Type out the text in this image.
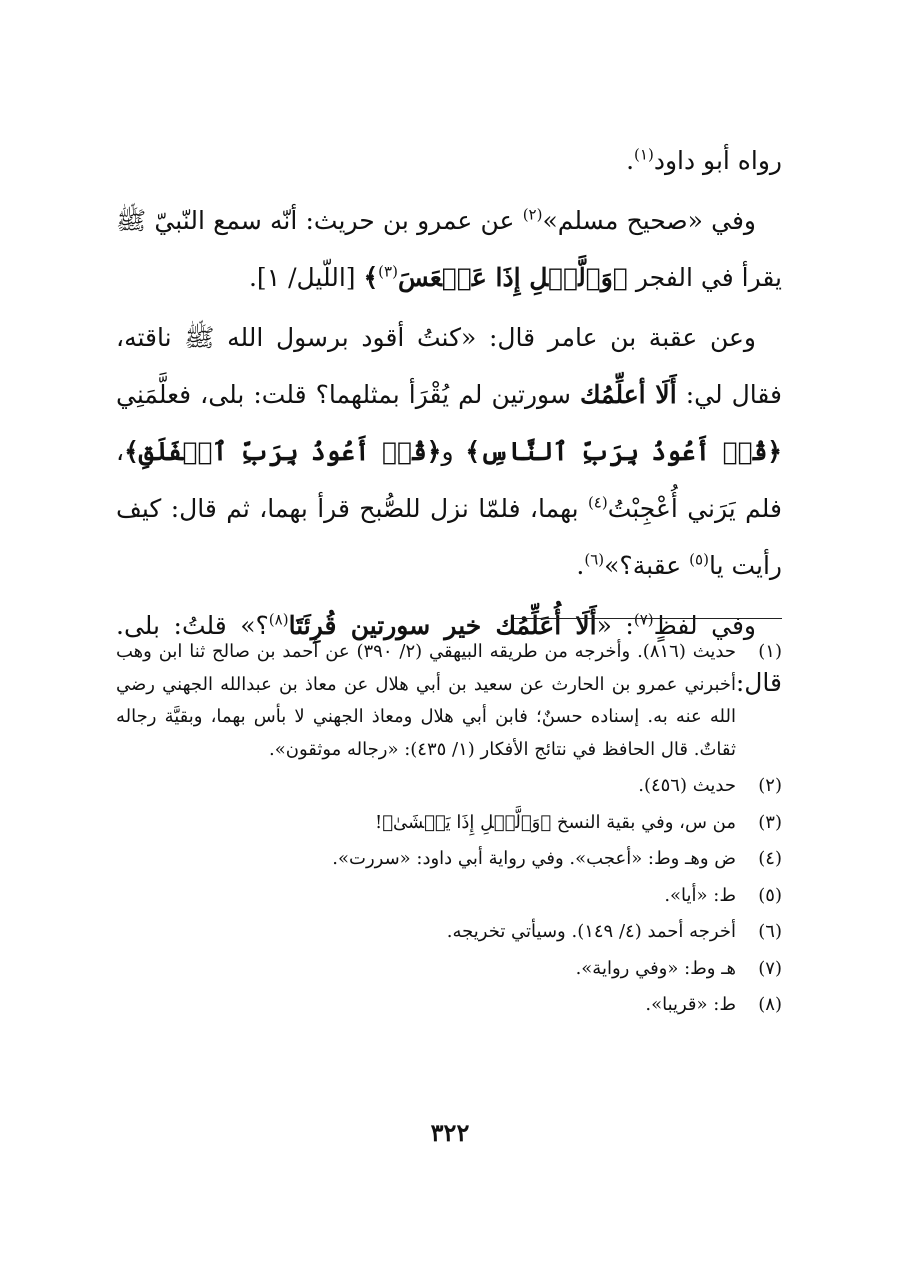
رواه أبو داود$^{(١)}$.

وفي «صحيح مسلم»$^{(٢)}$ عن عمرو بن حريث: أنّه سمع النّبيّ ﷺ يقرأ في الفجر ﴿وَٱلَّيۡلِ إِذَا عَسۡعَسَ$^{(٣)}$﴾ [اللّيل/ ١].

وعن عقبة بن عامر قال: «كنتُ أقود برسول الله ﷺ ناقته، فقال لي: أَلَا أعلِّمُك سورتين لم يُقْرَأ بمثلهما؟ قلت: بلى، فعلَّمَنِي ﴿قُلۡ أَعُوذُ بِرَبِّ ٱلنَّاسِ﴾ و﴿قُلۡ أَعُوذُ بِرَبِّ ٱلۡفَلَقِ﴾، فلم يَرَني أُعْجِبْتُ$^{(٤)}$ بهما، فلمّا نزل للصُّبح قرأ بهما، ثم قال: كيف رأيت يا$^{(٥)}$ عقبة؟»$^{(٦)}$.

وفي لفظٍ$^{(٧)}$: «أَلَا أُعَلِّمُك خير سورتين قُرِئَتَا$^{(٨)}$؟» قلتُ: بلى. قال:

(١)
حديث (٨١٦). وأخرجه من طريقه البيهقي (٢/ ٣٩٠) عن أحمد بن صالح ثنا ابن وهب أخبرني عمرو بن الحارث عن سعيد بن أبي هلال عن معاذ بن عبدالله الجهني رضي الله عنه به. إسناده حسنٌ؛ فابن أبي هلال ومعاذ الجهني لا بأس بهما، وبقيَّة رجاله ثقاتٌ. قال الحافظ في نتائج الأفكار (١/ ٤٣٥): «رجاله موثقون».

(٢)
حديث (٤٥٦).

(٣)
من س، وفي بقية النسخ ﴿وَٱلَّيۡلِ إِذَا يَغۡشَىٰ﴾!

(٤)
ض وهـ وط: «أعجب». وفي رواية أبي داود: «سررت».

(٥)
ط: «أيا».

(٦)
أخرجه أحمد (٤/ ١٤٩). وسيأتي تخريجه.

(٧)
هـ وط: «وفي رواية».

(٨)
ط: «قريبا».

٣٢٢
